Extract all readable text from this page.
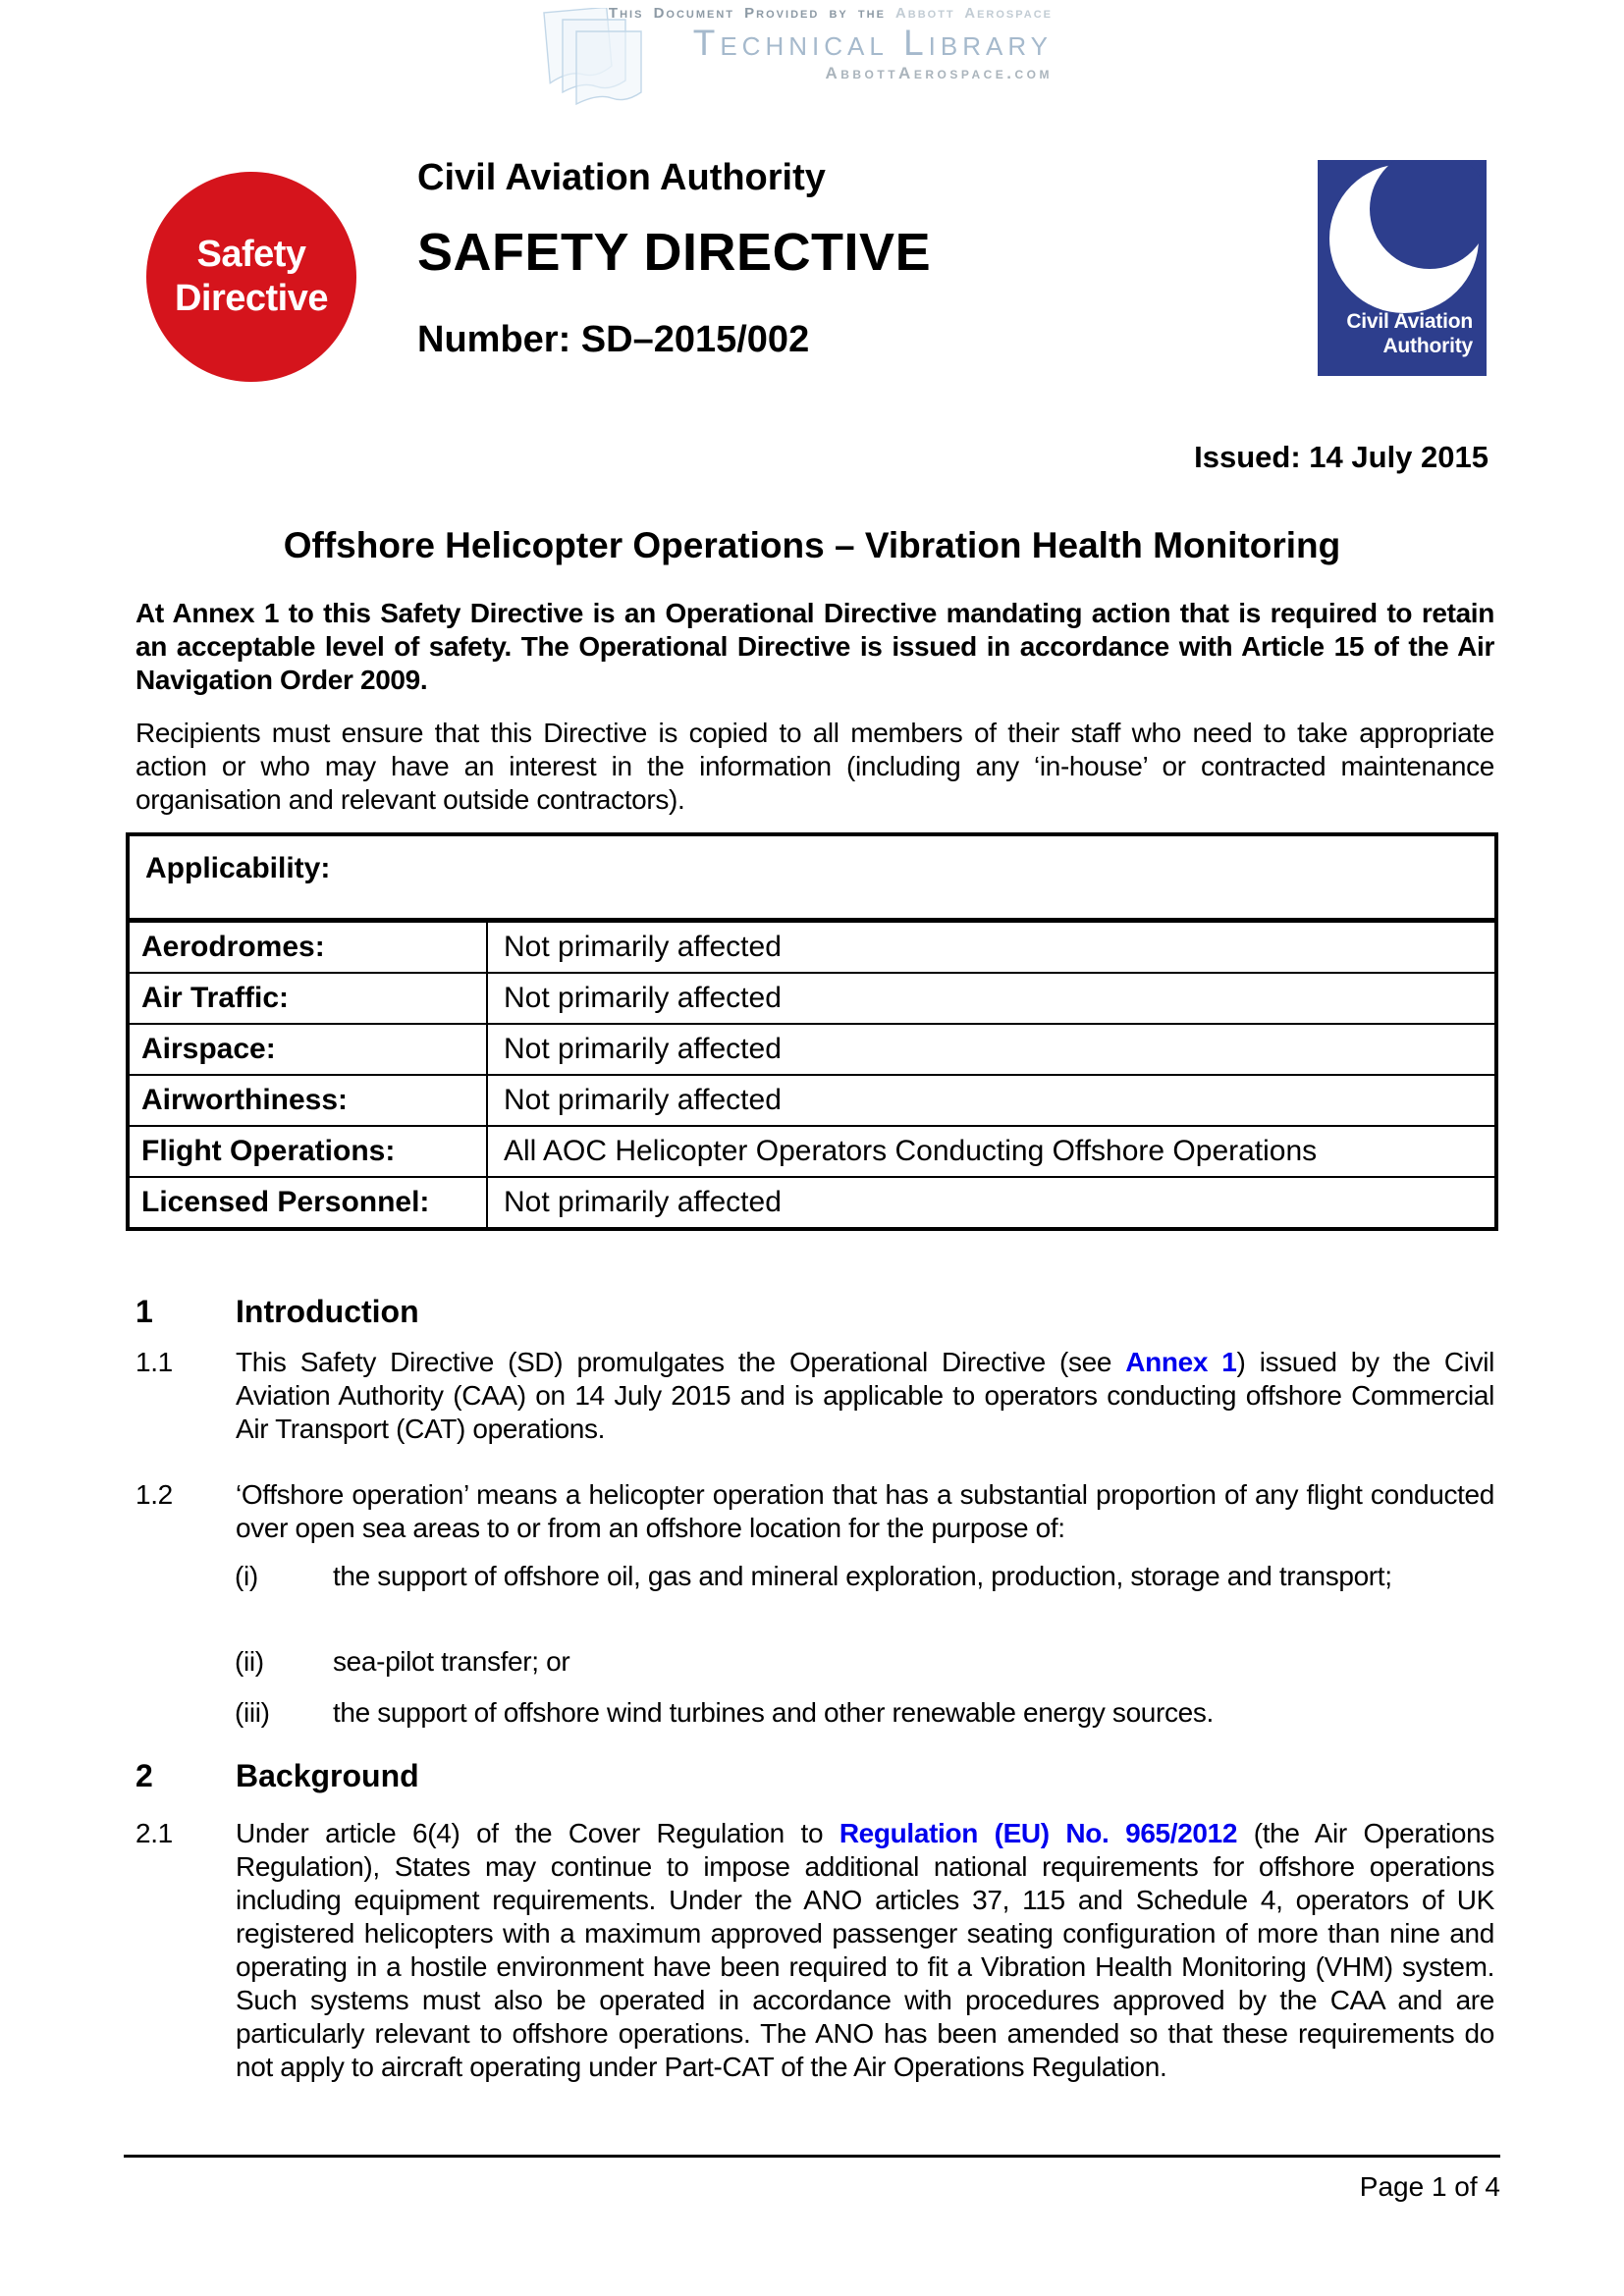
This Document Provided by the Abbott Aerospace
Technical Library
AbbottAerospace.com
Safety
Directive
Civil Aviation Authority
SAFETY DIRECTIVE
Number: SD–2015/002	Civil Aviation
Authority
Issued: 14 July 2015
Offshore Helicopter Operations – Vibration Health Monitoring

At Annex 1 to this Safety Directive is an Operational Directive mandating action that is required to retain an acceptable level of safety. The Operational Directive is issued in accordance with Article 15 of the Air Navigation Order 2009.

Recipients must ensure that this Directive is copied to all members of their staff who need to take appropriate action or who may have an interest in the information (including any ‘in-house’ or contracted maintenance organisation and relevant outside contractors).

Applicability:
Aerodromes:	Not primarily affected
Air Traffic:	Not primarily affected
Airspace:	Not primarily affected
Airworthiness:	Not primarily affected
Flight Operations:	All AOC Helicopter Operators Conducting Offshore Operations
Licensed Personnel:	Not primarily affected
1	Introduction
1.1 This Safety Directive (SD) promulgates the Operational Directive (see Annex 1) issued by the Civil Aviation Authority (CAA) on 14 July 2015 and is applicable to operators conducting offshore Commercial Air Transport (CAT) operations.
1.2 ‘Offshore operation’ means a helicopter operation that has a substantial proportion of any flight conducted over open sea areas to or from an offshore location for the purpose of:
(i)	the support of offshore oil, gas and mineral exploration, production, storage and transport;
(ii)	sea-pilot transfer; or
(iii) the support of offshore wind turbines and other renewable energy sources.
2	Background
2.1 Under article 6(4) of the Cover Regulation to Regulation (EU) No. 965/2012 (the Air Operations Regulation), States may continue to impose additional national requirements for offshore operations including equipment requirements. Under the ANO articles 37, 115 and Schedule 4, operators of UK registered helicopters with a maximum approved passenger seating configuration of more than nine and operating in a hostile environment have been required to fit a Vibration Health Monitoring (VHM) system. Such systems must also be operated in accordance with procedures approved by the CAA and are particularly relevant to offshore operations. The ANO has been amended so that these requirements do not apply to aircraft operating under Part-CAT of the Air Operations Regulation.
Page 1 of 4
